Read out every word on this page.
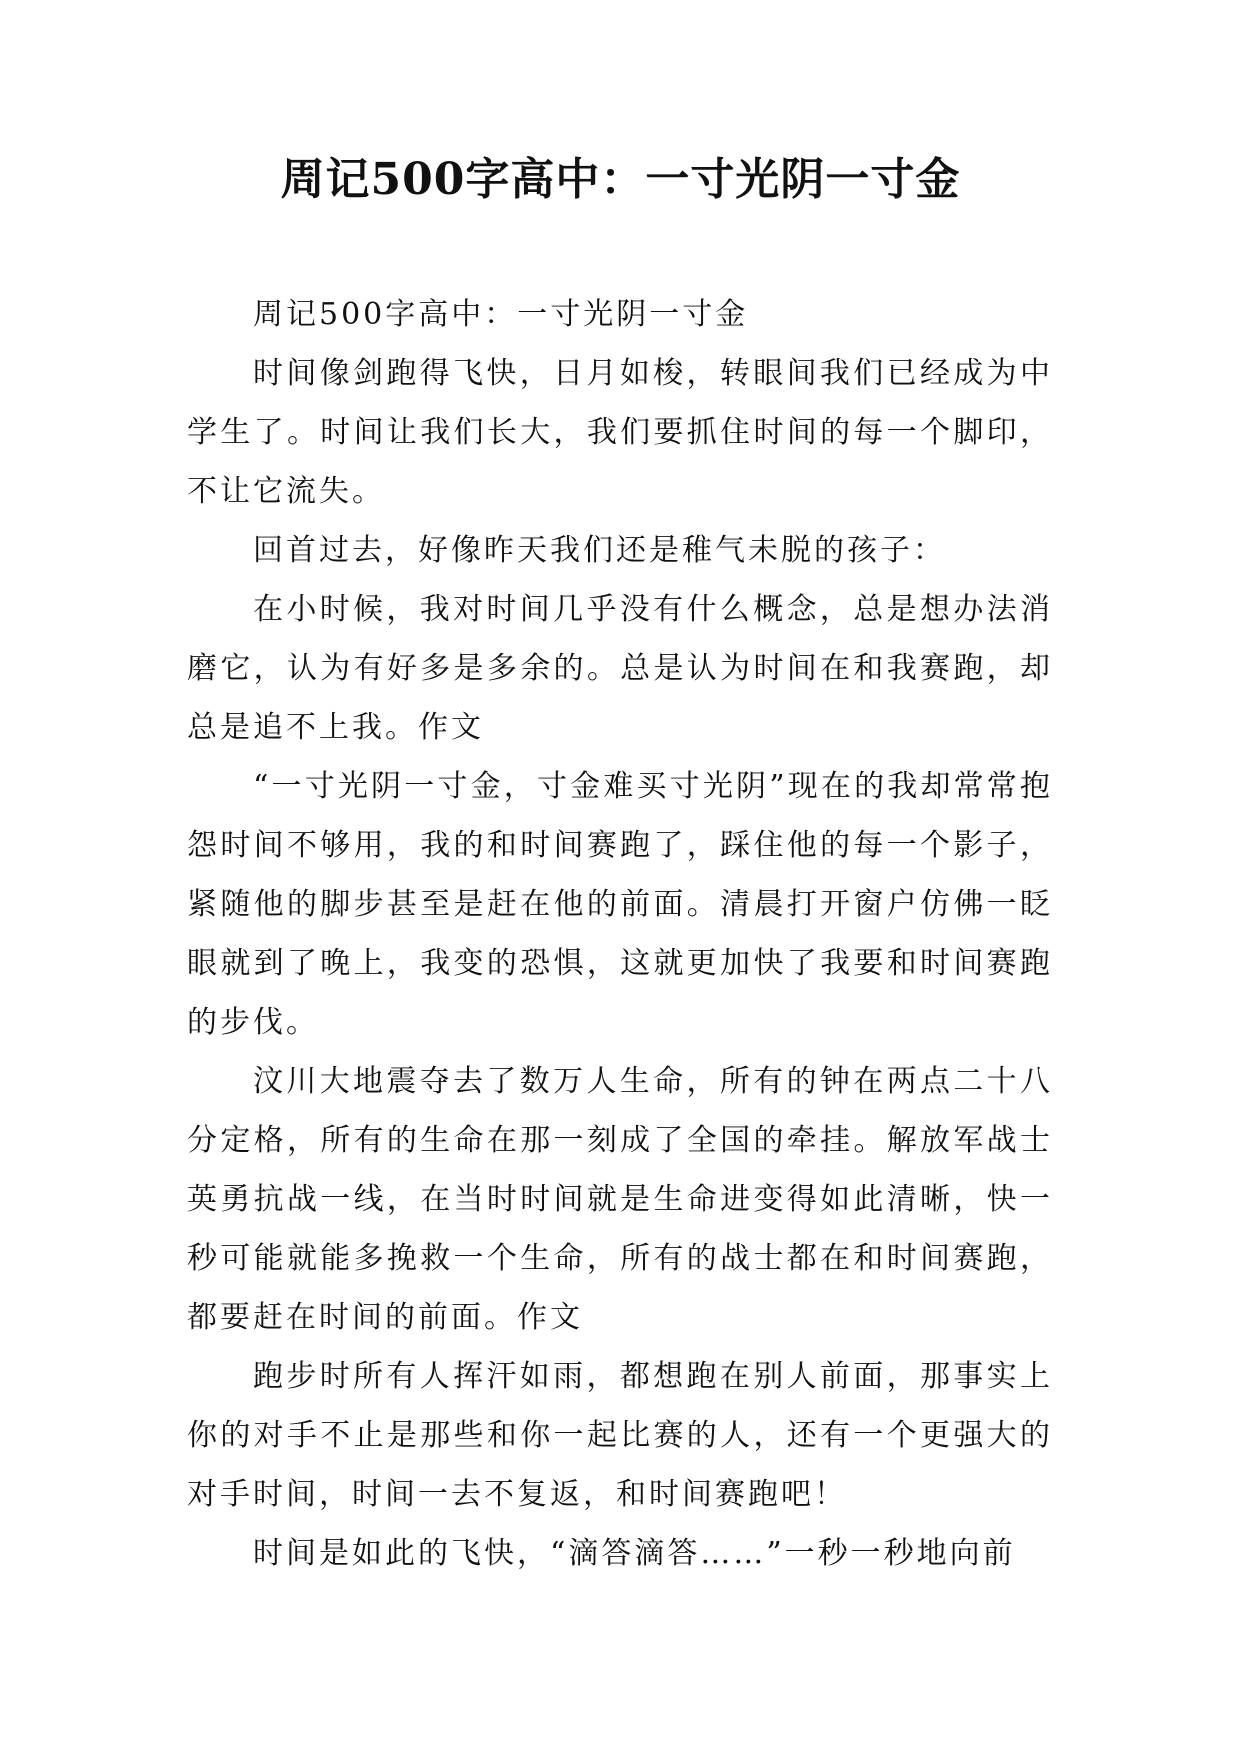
周记500字高中：一寸光阴一寸金

周记500字高中：一寸光阴一寸金

时间像剑跑得飞快，日月如梭，转眼间我们已经成为中学生了。时间让我们长大，我们要抓住时间的每一个脚印，不让它流失。

回首过去，好像昨天我们还是稚气未脱的孩子：

在小时候，我对时间几乎没有什么概念，总是想办法消磨它，认为有好多是多余的。总是认为时间在和我赛跑，却总是追不上我。作文

“一寸光阴一寸金，寸金难买寸光阴”现在的我却常常抱怨时间不够用，我的和时间赛跑了，踩住他的每一个影子，紧随他的脚步甚至是赶在他的前面。清晨打开窗户仿佛一眨眼就到了晚上，我变的恐惧，这就更加快了我要和时间赛跑的步伐。

汶川大地震夺去了数万人生命，所有的钟在两点二十八分定格，所有的生命在那一刻成了全国的牵挂。解放军战士英勇抗战一线，在当时时间就是生命进变得如此清晰，快一秒可能就能多挽救一个生命，所有的战士都在和时间赛跑，都要赶在时间的前面。作文

跑步时所有人挥汗如雨，都想跑在别人前面，那事实上你的对手不止是那些和你一起比赛的人，还有一个更强大的对手时间，时间一去不复返，和时间赛跑吧！

时间是如此的飞快，“滴答滴答……”一秒一秒地向前
